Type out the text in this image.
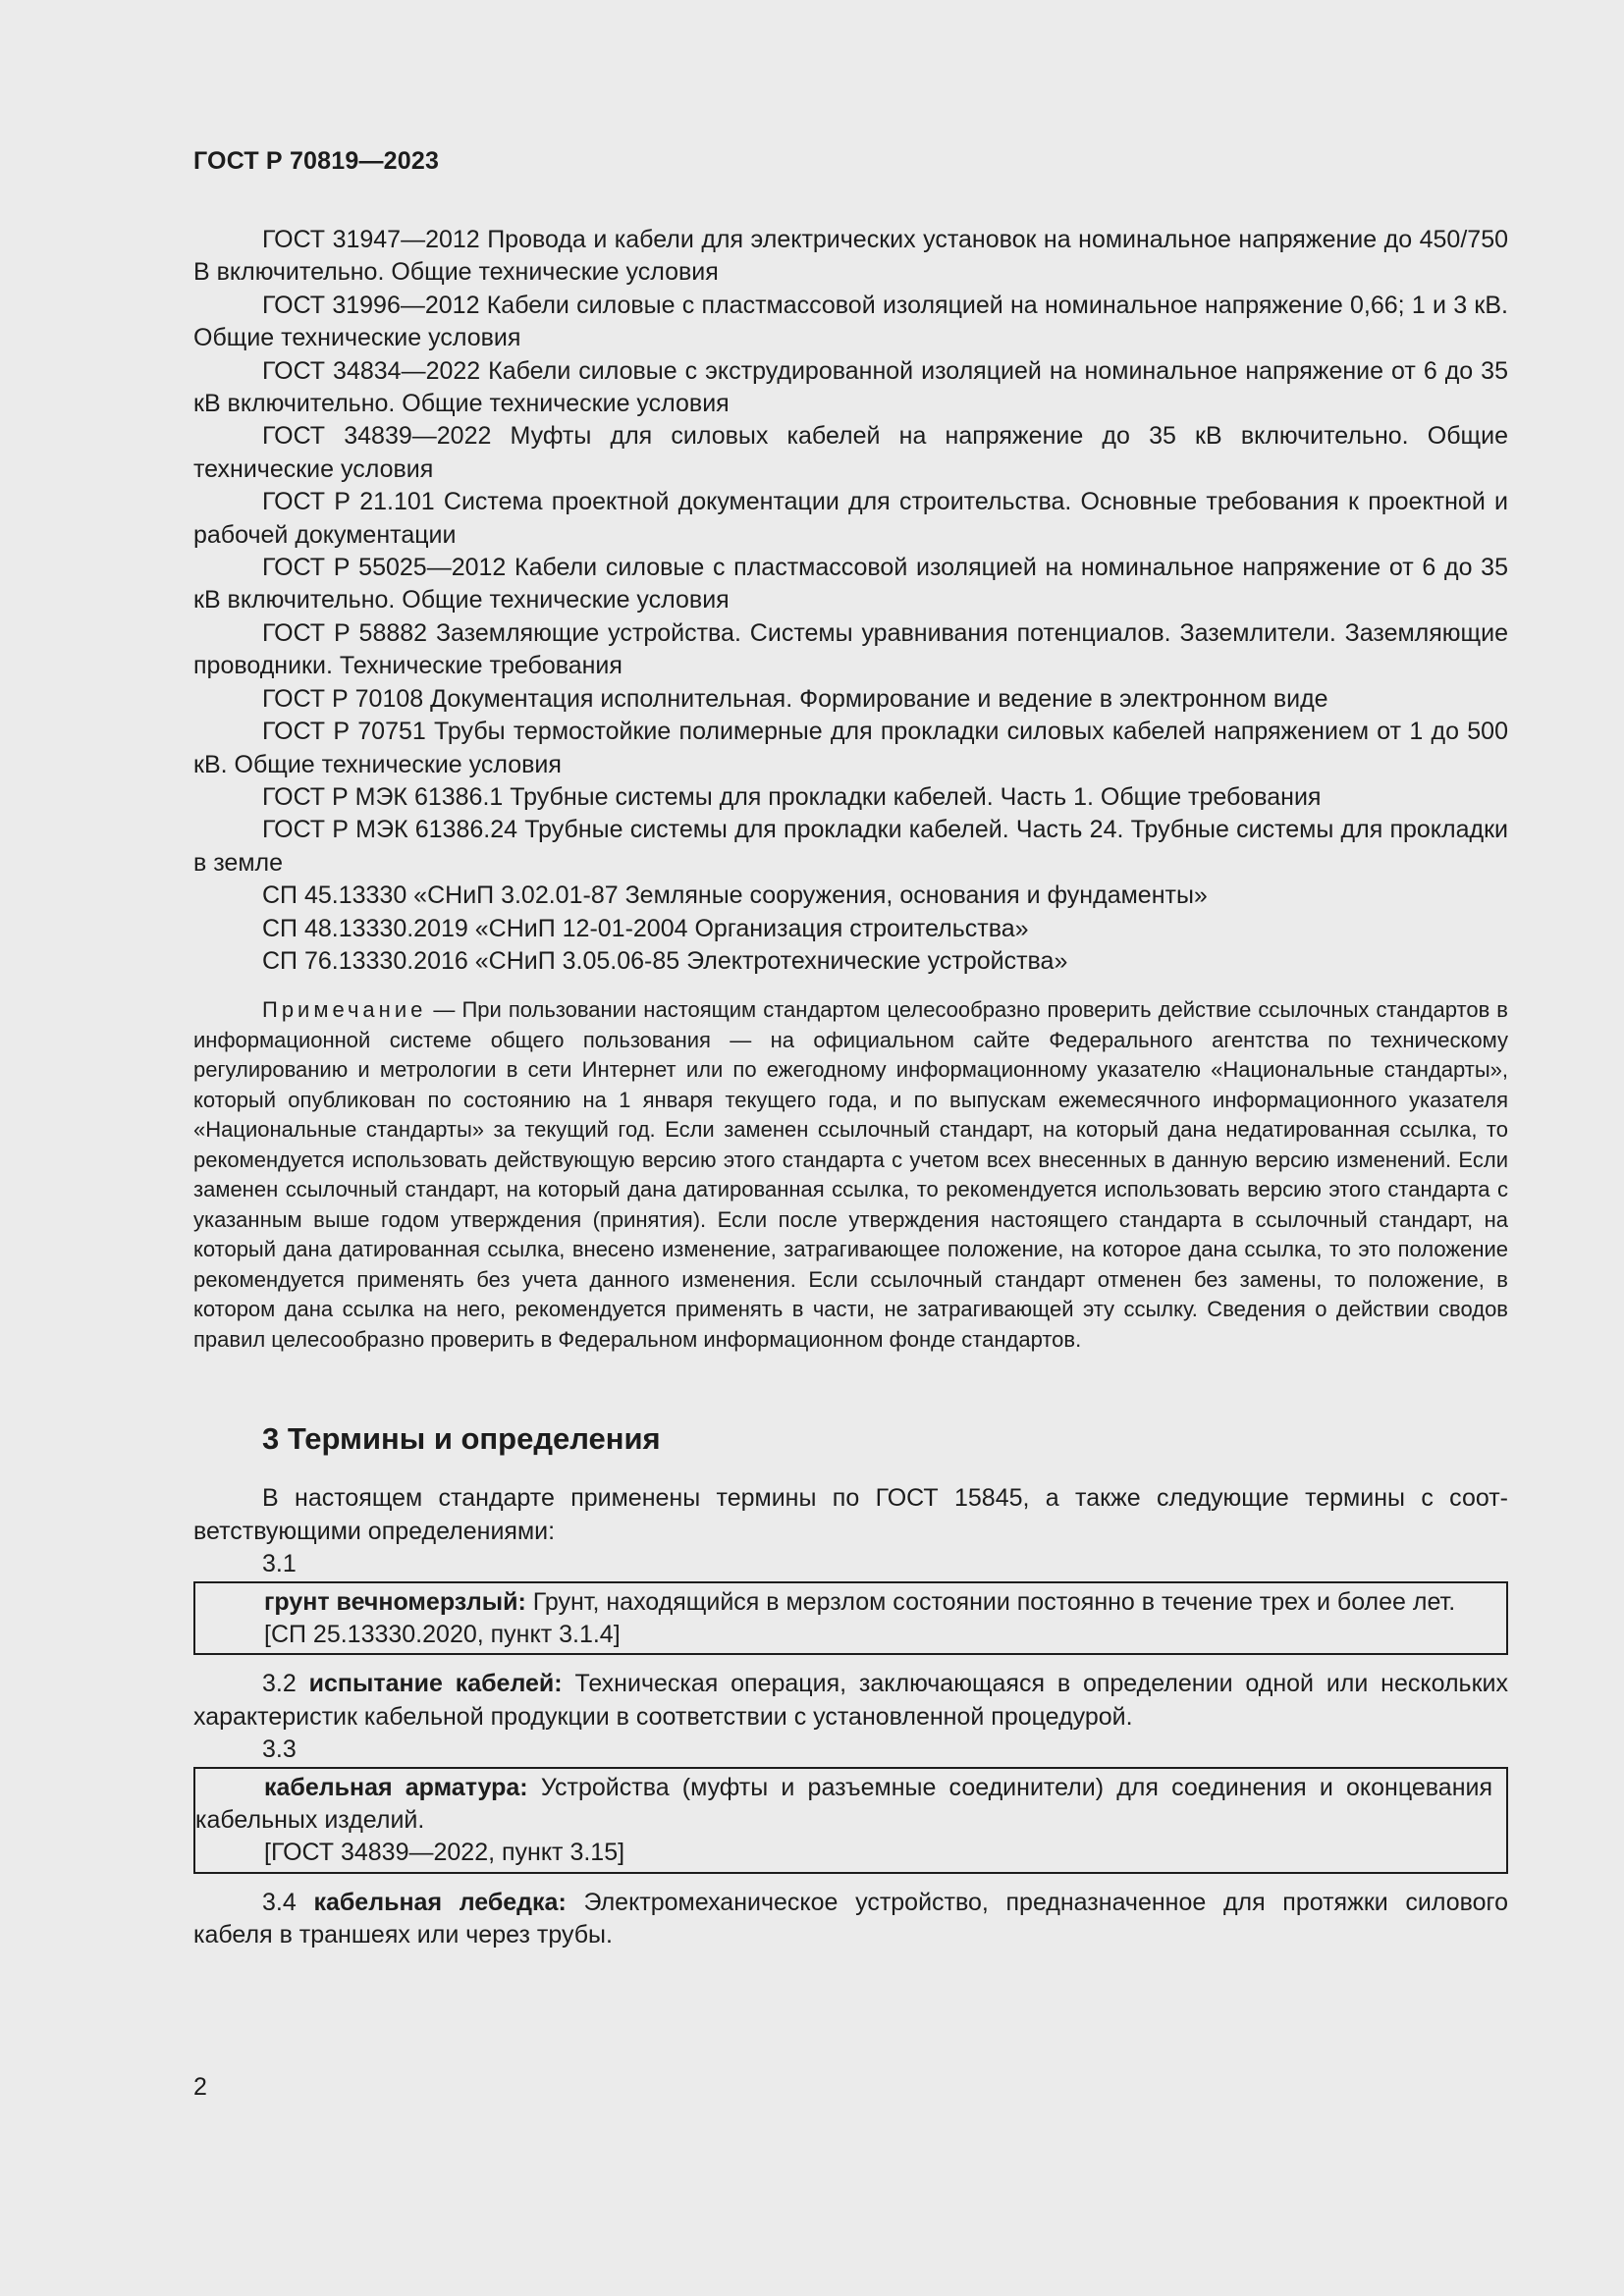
ГОСТ Р 70819—2023

ГОСТ 31947—2012 Провода и кабели для электрических установок на номинальное напряжение до 450/750 В включительно. Общие технические условия

ГОСТ 31996—2012 Кабели силовые с пластмассовой изоляцией на номинальное напряжение 0,66; 1 и 3 кВ. Общие технические условия

ГОСТ 34834—2022 Кабели силовые с экструдированной изоляцией на номинальное напряжение от 6 до 35 кВ включительно. Общие технические условия

ГОСТ 34839—2022 Муфты для силовых кабелей на напряжение до 35 кВ включительно. Общие технические условия

ГОСТ Р 21.101 Система проектной документации для строительства. Основные требования к проектной и рабочей документации

ГОСТ Р 55025—2012 Кабели силовые с пластмассовой изоляцией на номинальное напряжение от 6 до 35 кВ включительно. Общие технические условия

ГОСТ Р 58882 Заземляющие устройства. Системы уравнивания потенциалов. Заземлители. Заземляющие проводники. Технические требования

ГОСТ Р 70108 Документация исполнительная. Формирование и ведение в электронном виде

ГОСТ Р 70751 Трубы термостойкие полимерные для прокладки силовых кабелей напряжением от 1 до 500 кВ. Общие технические условия

ГОСТ Р МЭК 61386.1 Трубные системы для прокладки кабелей. Часть 1. Общие требования

ГОСТ Р МЭК 61386.24 Трубные системы для прокладки кабелей. Часть 24. Трубные системы для прокладки в земле

СП 45.13330 «СНиП 3.02.01-87 Земляные сооружения, основания и фундаменты»

СП 48.13330.2019 «СНиП 12-01-2004 Организация строительства»

СП 76.13330.2016 «СНиП 3.05.06-85 Электротехнические устройства»

Примечание — При пользовании настоящим стандартом целесообразно проверить действие ссылочных стандартов в информационной системе общего пользования — на официальном сайте Федерального агентства по техническому регулированию и метрологии в сети Интернет или по ежегодному информационному указателю «Национальные стандарты», который опубликован по состоянию на 1 января текущего года, и по выпускам ежемесячного информационного указателя «Национальные стандарты» за текущий год. Если заменен ссылочный стандарт, на который дана недатированная ссылка, то рекомендуется использовать действующую версию этого стандарта с учетом всех внесенных в данную версию изменений. Если заменен ссылочный стандарт, на который дана датированная ссылка, то рекомендуется использовать версию этого стандарта с указанным выше годом утверждения (принятия). Если после утверждения настоящего стандарта в ссылочный стандарт, на который дана датированная ссылка, внесено изменение, затрагивающее положение, на которое дана ссылка, то это положение рекомендуется применять без учета данного изменения. Если ссылочный стандарт отменен без замены, то положение, в котором дана ссылка на него, рекомендуется применять в части, не затрагивающей эту ссылку. Сведения о действии сводов правил целесообразно проверить в Федеральном информационном фонде стандартов.

3 Термины и определения

В настоящем стандарте применены термины по ГОСТ 15845, а также следующие термины с соответствующими определениями:

3.1

грунт вечномерзлый: Грунт, находящийся в мерзлом состоянии постоянно в течение трех и более лет.

[СП 25.13330.2020, пункт 3.1.4]

3.2 испытание кабелей: Техническая операция, заключающаяся в определении одной или нескольких характеристик кабельной продукции в соответствии с установленной процедурой.

3.3

кабельная арматура: Устройства (муфты и разъемные соединители) для соединения и оконцевания кабельных изделий.

[ГОСТ 34839—2022, пункт 3.15]

3.4 кабельная лебедка: Электромеханическое устройство, предназначенное для протяжки силового кабеля в траншеях или через трубы.

2
